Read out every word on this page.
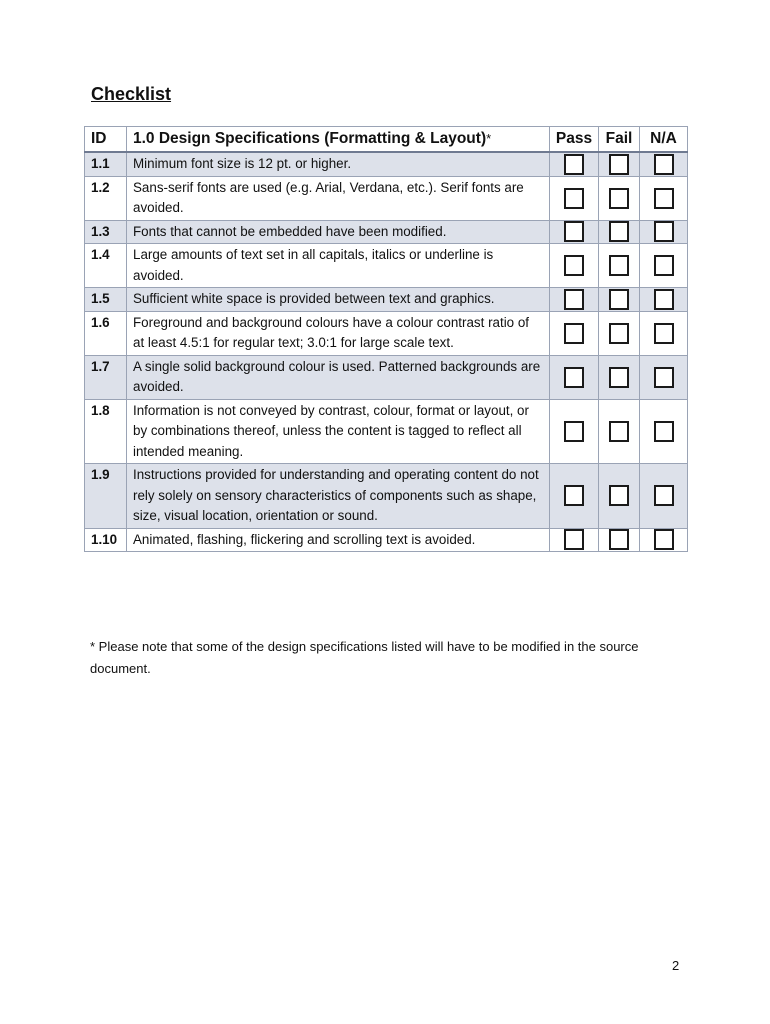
Checklist
ID	1.0 Design Specifications (Formatting & Layout)*	Pass	Fail	N/A
1.1	Minimum font size is 12 pt. or higher.			
1.2	Sans-serif fonts are used (e.g. Arial, Verdana, etc.). Serif fonts are avoided.			
1.3	Fonts that cannot be embedded have been modified.			
1.4	Large amounts of text set in all capitals, italics or underline is avoided.			
1.5	Sufficient white space is provided between text and graphics.			
1.6	Foreground and background colours have a colour contrast ratio of at least 4.5:1 for regular text; 3.0:1 for large scale text.			
1.7	A single solid background colour is used. Patterned backgrounds are avoided.			
1.8	Information is not conveyed by contrast, colour, format or layout, or by combinations thereof, unless the content is tagged to reflect all intended meaning.			
1.9	Instructions provided for understanding and operating content do not rely solely on sensory characteristics of components such as shape, size, visual location, orientation or sound.			
1.10	Animated, flashing, flickering and scrolling text is avoided.			
* Please note that some of the design specifications listed will have to be modified in the source document.
2
